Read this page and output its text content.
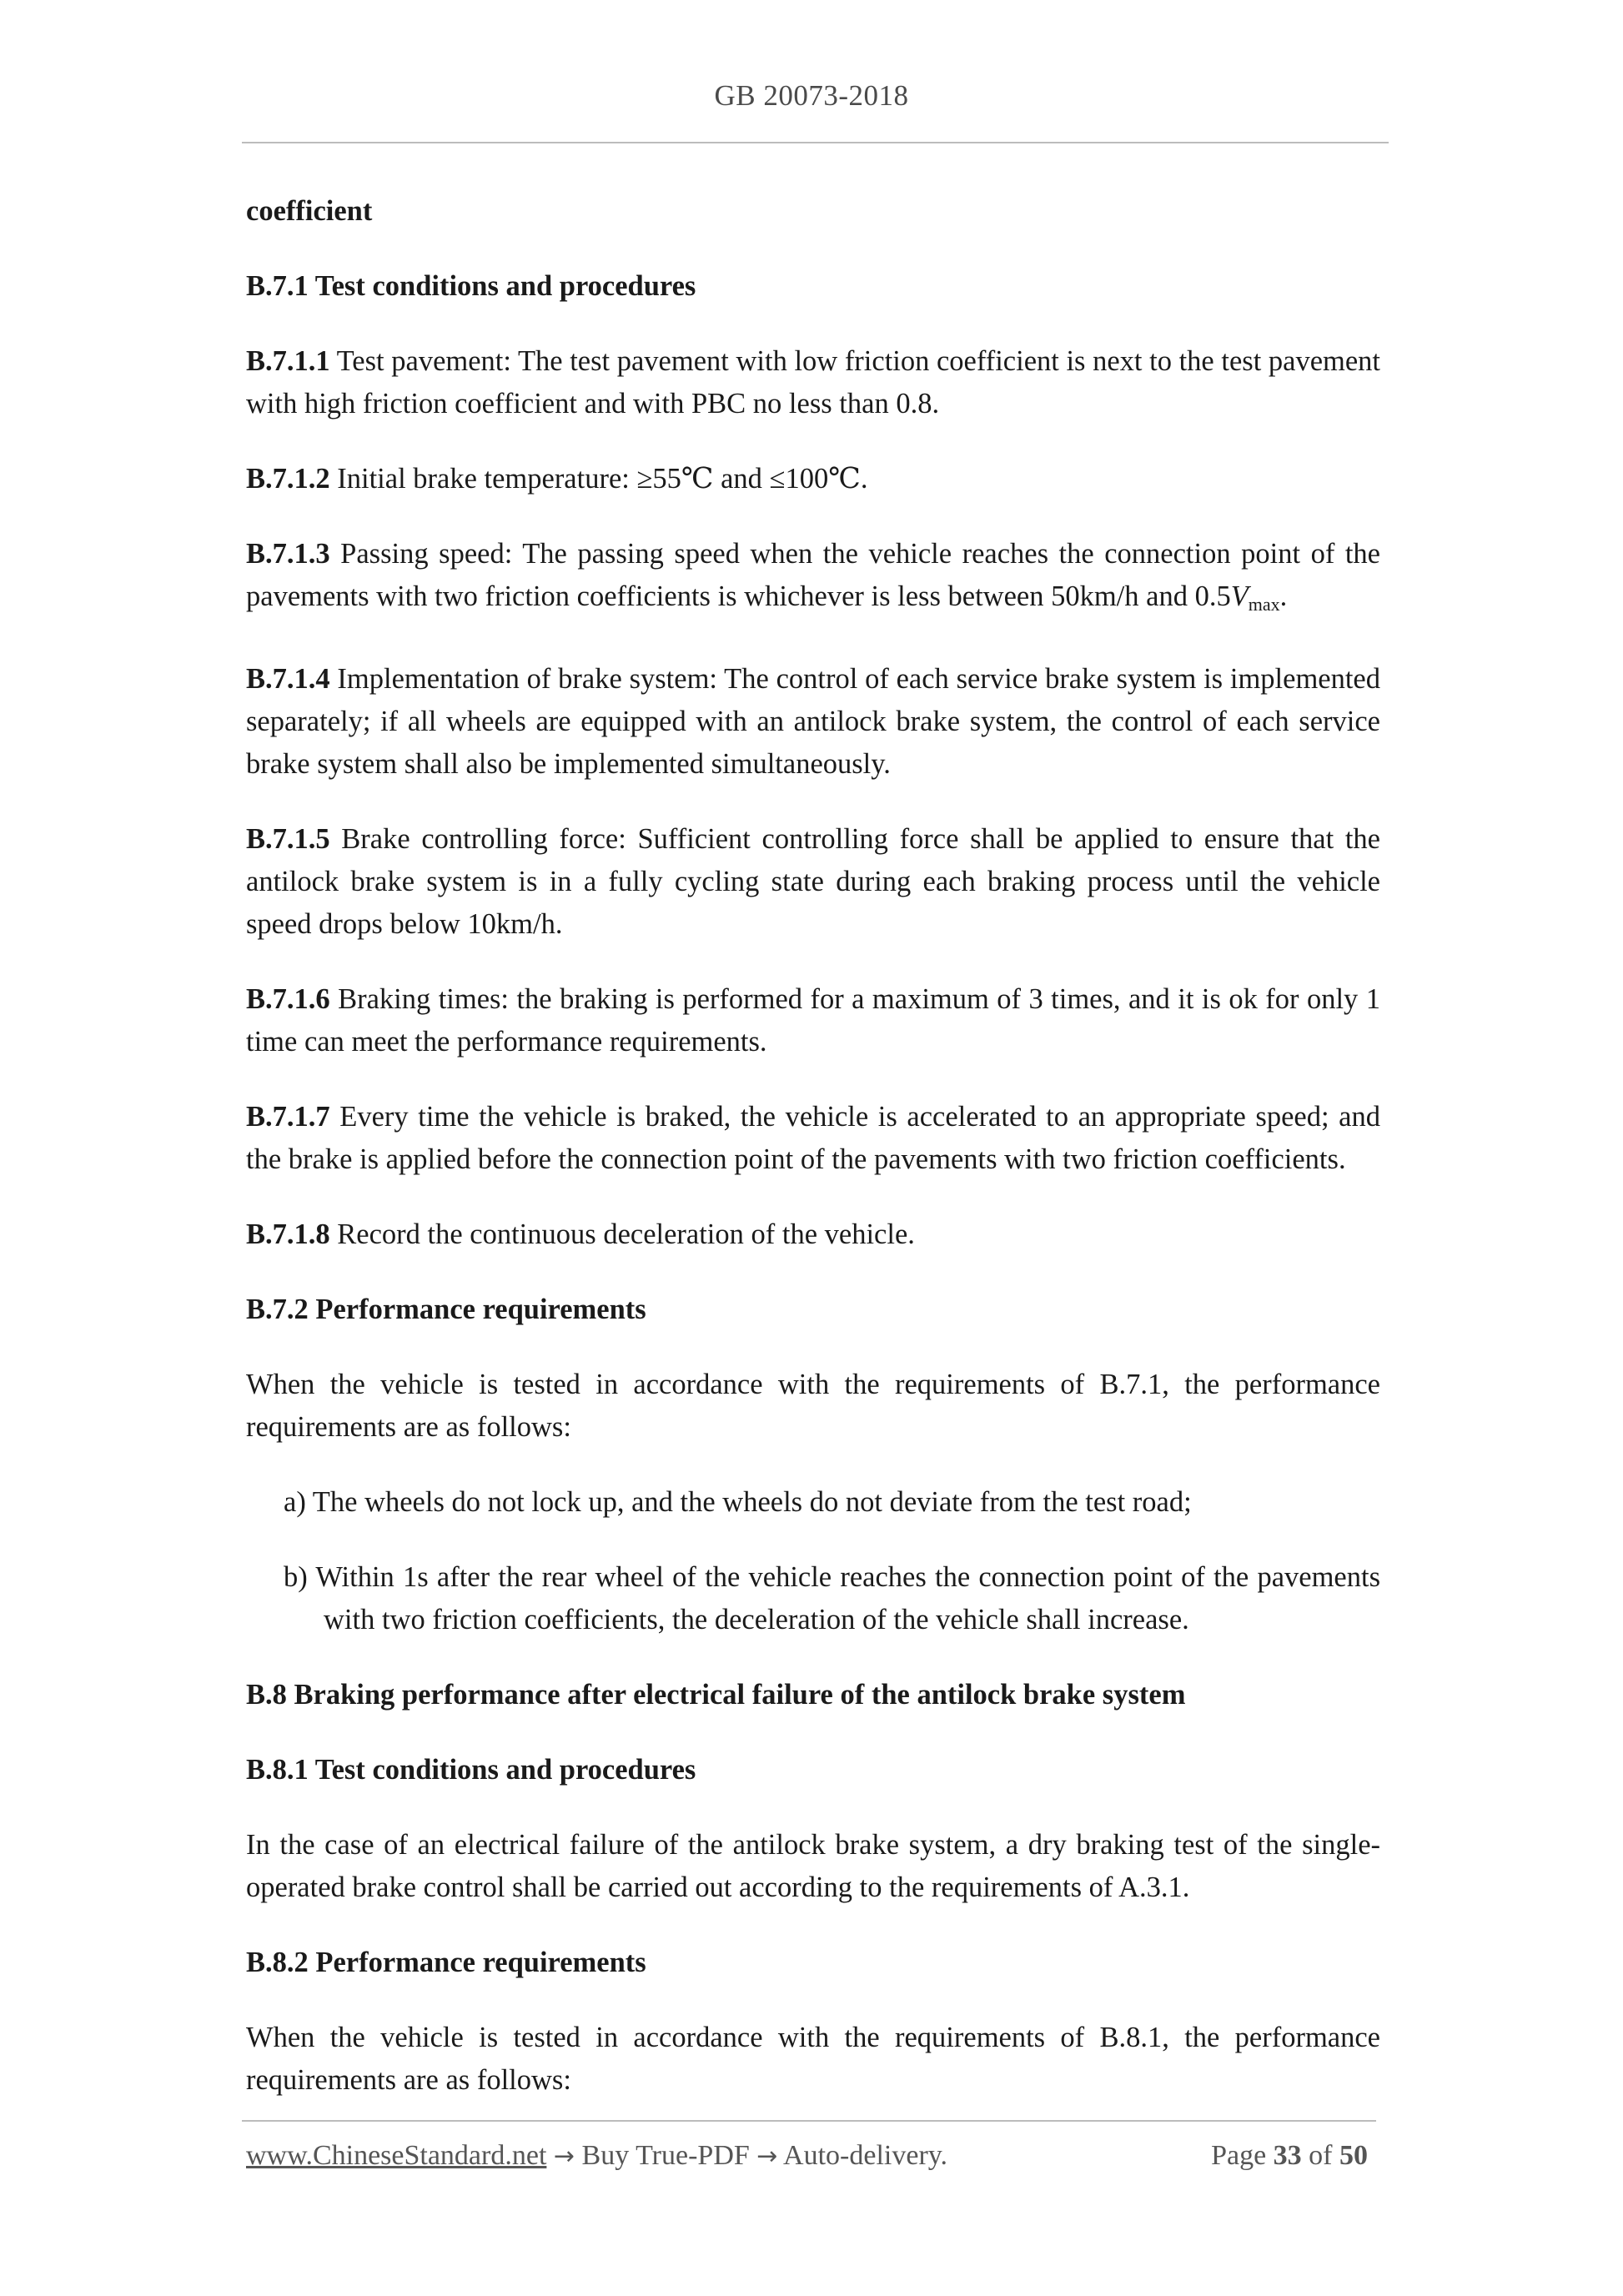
GB 20073-2018

coefficient

B.7.1 Test conditions and procedures

B.7.1.1 Test pavement: The test pavement with low friction coefficient is next to the test pavement with high friction coefficient and with PBC no less than 0.8.

B.7.1.2 Initial brake temperature: ≥55℃ and ≤100℃.

B.7.1.3 Passing speed: The passing speed when the vehicle reaches the connection point of the pavements with two friction coefficients is whichever is less between 50km/h and $0.5V_{max}$.

B.7.1.4 Implementation of brake system: The control of each service brake system is implemented separately; if all wheels are equipped with an antilock brake system, the control of each service brake system shall also be implemented simultaneously.

B.7.1.5 Brake controlling force: Sufficient controlling force shall be applied to ensure that the antilock brake system is in a fully cycling state during each braking process until the vehicle speed drops below 10km/h.

B.7.1.6 Braking times: the braking is performed for a maximum of 3 times, and it is ok for only 1 time can meet the performance requirements.

B.7.1.7 Every time the vehicle is braked, the vehicle is accelerated to an appropriate speed; and the brake is applied before the connection point of the pavements with two friction coefficients.

B.7.1.8 Record the continuous deceleration of the vehicle.

B.7.2 Performance requirements

When the vehicle is tested in accordance with the requirements of B.7.1, the performance requirements are as follows:

a) The wheels do not lock up, and the wheels do not deviate from the test road;

b) Within 1s after the rear wheel of the vehicle reaches the connection point of the pavements with two friction coefficients, the deceleration of the vehicle shall increase.

B.8 Braking performance after electrical failure of the antilock brake system

B.8.1 Test conditions and procedures

In the case of an electrical failure of the antilock brake system, a dry braking test of the single-operated brake control shall be carried out according to the requirements of A.3.1.

B.8.2 Performance requirements

When the vehicle is tested in accordance with the requirements of B.8.1, the performance requirements are as follows:

www.ChineseStandard.net → Buy True-PDF → Auto-delivery.	Page 33 of 50
